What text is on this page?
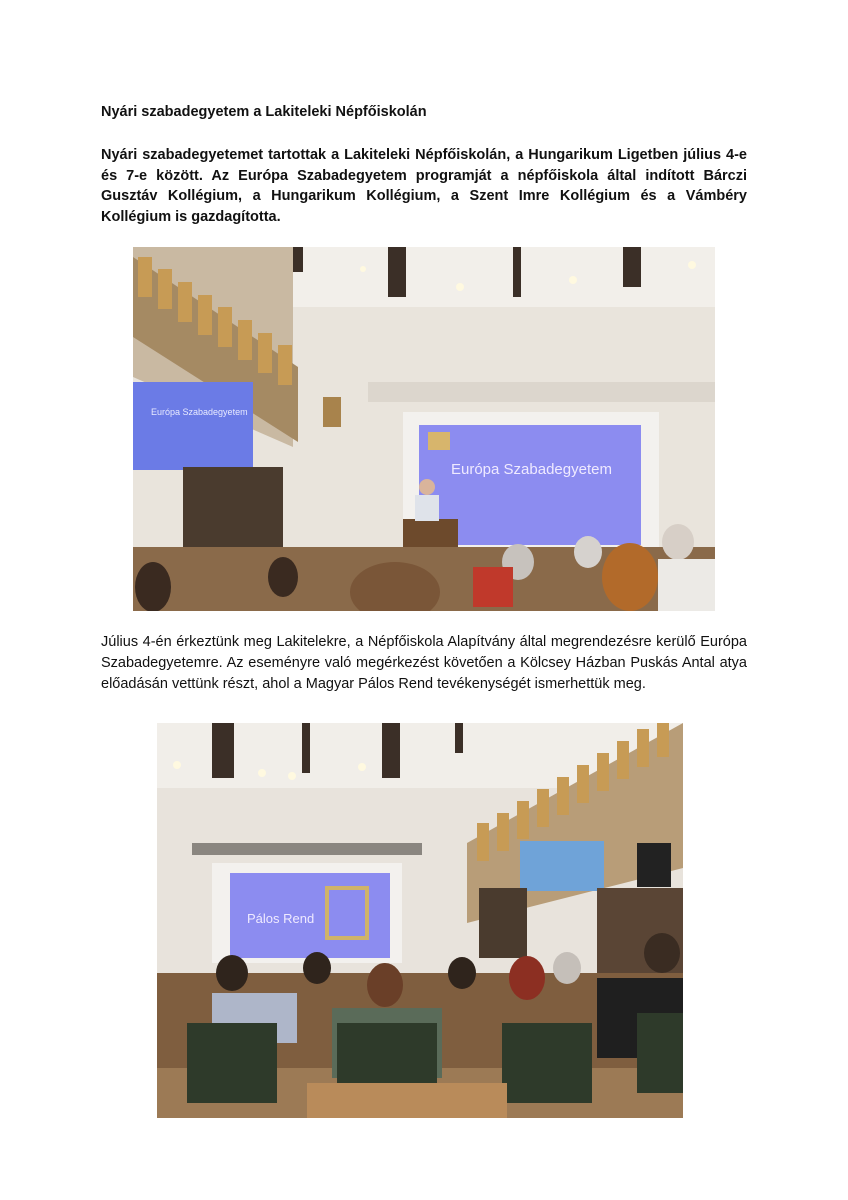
Nyári szabadegyetem a Lakiteleki Népfőiskolán
Nyári szabadegyetemet tartottak a Lakiteleki Népfőiskolán, a Hungarikum Ligetben július 4-e és 7-e között. Az Európa Szabadegyetem programját a népfőiskola által indított Bárczi Gusztáv Kollégium, a Hungarikum Kollégium, a Szent Imre Kollégium és a Vámbéry Kollégium is gazdagította.
Európa Szabadegyetem
Európa Szabadegyetem
Július 4-én érkeztünk meg Lakitelekre, a Népfőiskola Alapítvány által megrendezésre kerülő Európa Szabadegyetemre. Az eseményre való megérkezést követően a Kölcsey Házban Puskás Antal atya előadásán vettünk részt, ahol a Magyar Pálos Rend tevékenységét ismerhettük meg.
Pálos Rend
